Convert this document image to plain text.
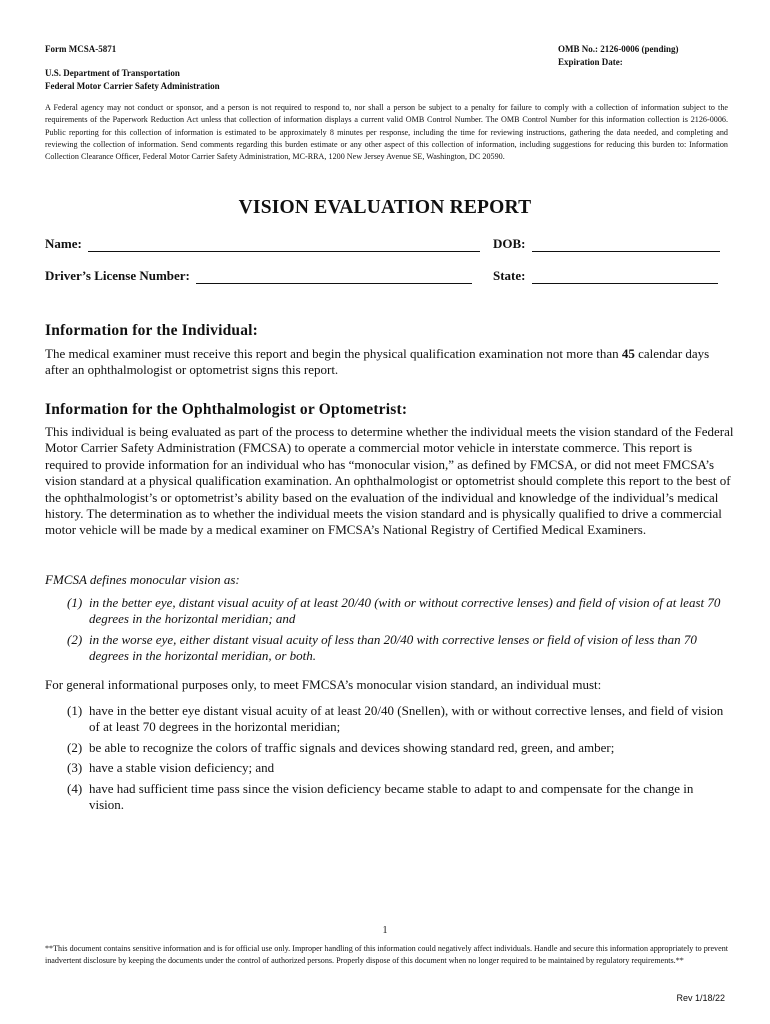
Form MCSA-5871	OMB No.: 2126-0006 (pending)
Expiration Date:
U.S. Department of Transportation
Federal Motor Carrier Safety Administration
A Federal agency may not conduct or sponsor, and a person is not required to respond to, nor shall a person be subject to a penalty for failure to comply with a collection of information subject to the requirements of the Paperwork Reduction Act unless that collection of information displays a current valid OMB Control Number. The OMB Control Number for this information collection is 2126-0006. Public reporting for this collection of information is estimated to be approximately 8 minutes per response, including the time for reviewing instructions, gathering the data needed, and completing and reviewing the collection of information. Send comments regarding this burden estimate or any other aspect of this collection of information, including suggestions for reducing this burden to: Information Collection Clearance Officer, Federal Motor Carrier Safety Administration, MC-RRA, 1200 New Jersey Avenue SE, Washington, DC 20590.
VISION EVALUATION REPORT
Name:	DOB:
Driver’s License Number:	State:
Information for the Individual:
The medical examiner must receive this report and begin the physical qualification examination not more than 45 calendar days after an ophthalmologist or optometrist signs this report.
Information for the Ophthalmologist or Optometrist:
This individual is being evaluated as part of the process to determine whether the individual meets the vision standard of the Federal Motor Carrier Safety Administration (FMCSA) to operate a commercial motor vehicle in interstate commerce. This report is required to provide information for an individual who has “monocular vision,” as defined by FMCSA, or did not meet FMCSA’s vision standard at a physical qualification examination. An ophthalmologist or optometrist should complete this report to the best of the ophthalmologist’s or optometrist’s ability based on the evaluation of the individual and knowledge of the individual’s medical history. The determination as to whether the individual meets the vision standard and is physically qualified to drive a commercial motor vehicle will be made by a medical examiner on FMCSA’s National Registry of Certified Medical Examiners.
FMCSA defines monocular vision as:
(1) in the better eye, distant visual acuity of at least 20/40 (with or without corrective lenses) and field of vision of at least 70 degrees in the horizontal meridian; and
(2) in the worse eye, either distant visual acuity of less than 20/40 with corrective lenses or field of vision of less than 70 degrees in the horizontal meridian, or both.
For general informational purposes only, to meet FMCSA’s monocular vision standard, an individual must:
(1) have in the better eye distant visual acuity of at least 20/40 (Snellen), with or without corrective lenses, and field of vision of at least 70 degrees in the horizontal meridian;
(2) be able to recognize the colors of traffic signals and devices showing standard red, green, and amber;
(3) have a stable vision deficiency; and
(4) have had sufficient time pass since the vision deficiency became stable to adapt to and compensate for the change in vision.
1
**This document contains sensitive information and is for official use only. Improper handling of this information could negatively affect individuals. Handle and secure this information appropriately to prevent inadvertent disclosure by keeping the documents under the control of authorized persons. Properly dispose of this document when no longer required to be maintained by regulatory requirements.**
Rev 1/18/22
